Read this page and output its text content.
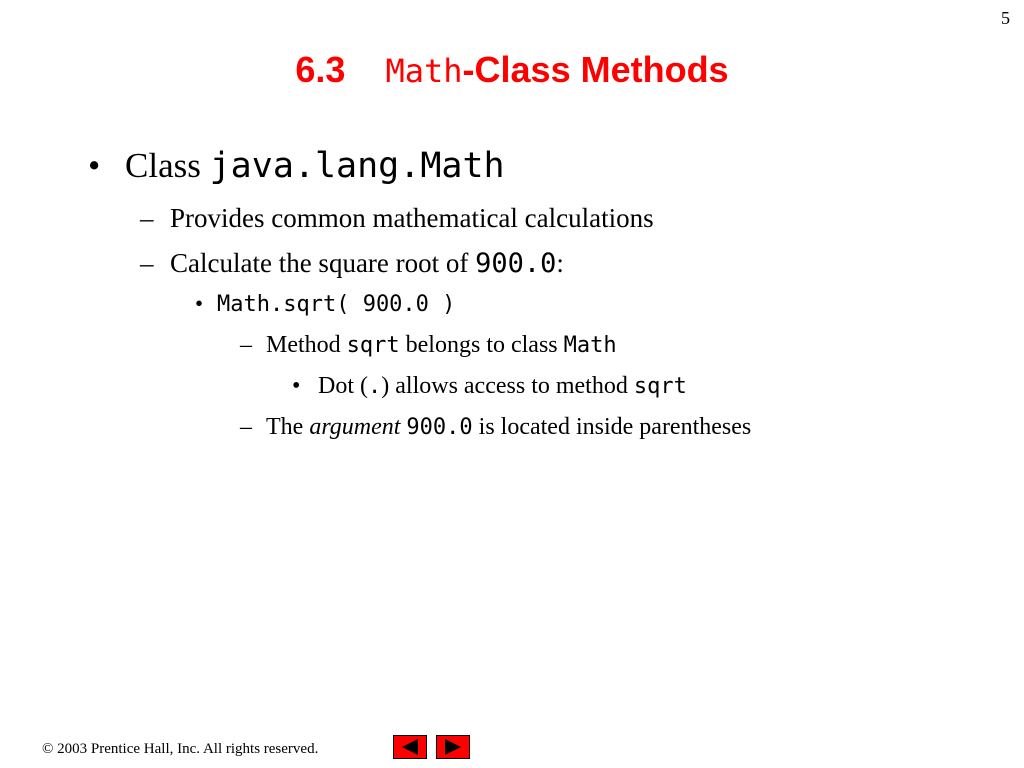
5
6.3 Math-Class Methods
• Class java.lang.Math
– Provides common mathematical calculations
– Calculate the square root of 900.0:
• Math.sqrt( 900.0 )
– Method sqrt belongs to class Math
• Dot (.) allows access to method sqrt
– The argument 900.0 is located inside parentheses
© 2003 Prentice Hall, Inc. All rights reserved.
